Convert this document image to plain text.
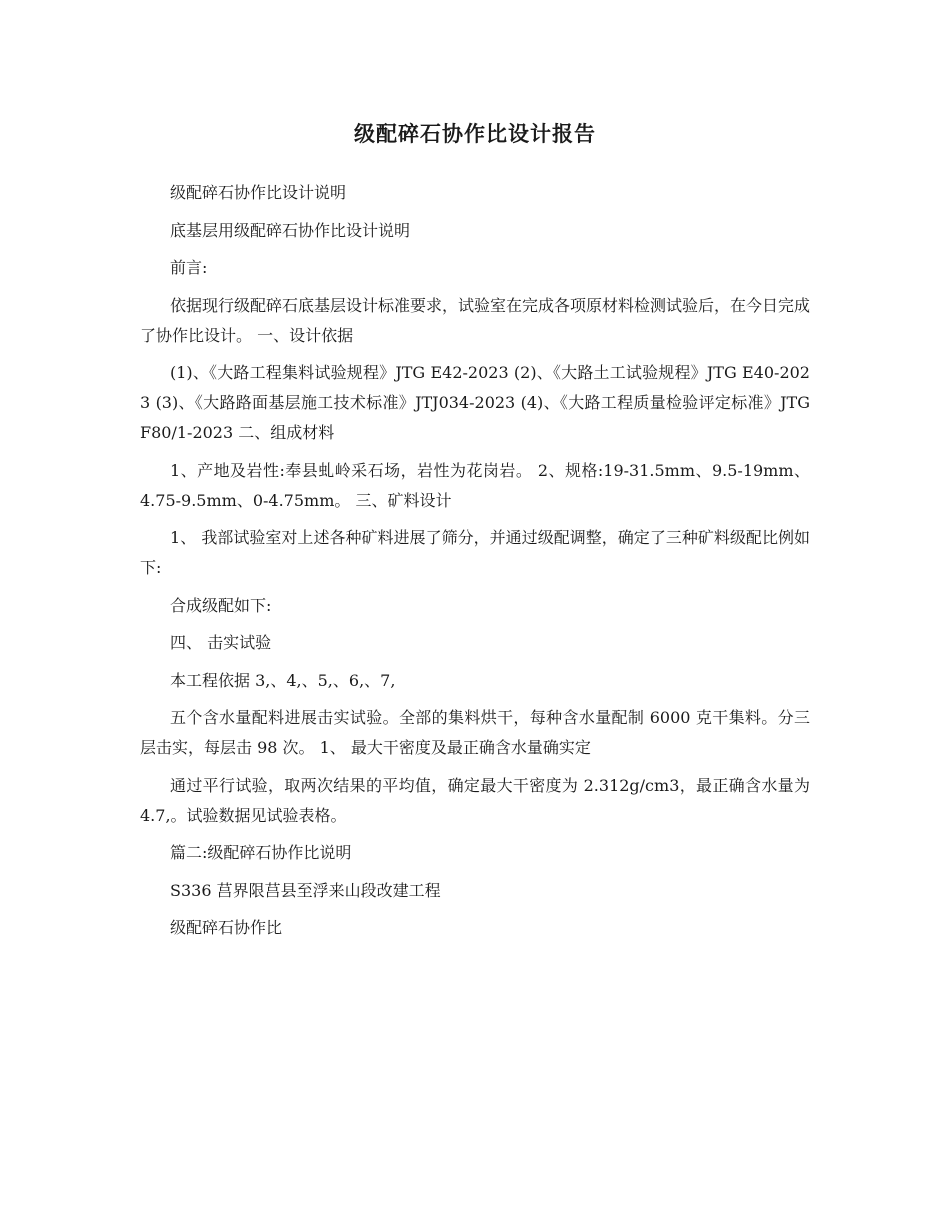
级配碎石协作比设计报告

级配碎石协作比设计说明

底基层用级配碎石协作比设计说明

前言:

依据现行级配碎石底基层设计标准要求，试验室在完成各项原材料检测试验后，在今日完成了协作比设计。 一、设计依据

(1)、《大路工程集料试验规程》JTG E42-2023 (2)、《大路土工试验规程》JTG E40-2023 (3)、《大路路面基层施工技术标准》JTJ034-2023 (4)、《大路工程质量检验评定标准》JTG F80/1-2023 二、组成材料

1、产地及岩性:奉县虬岭采石场，岩性为花岗岩。 2、规格:19-31.5mm、9.5-19mm、4.75-9.5mm、0-4.75mm。 三、矿料设计

1、 我部试验室对上述各种矿料进展了筛分，并通过级配调整，确定了三种矿料级配比例如下:

合成级配如下:

四、 击实试验

本工程依据 3,、4,、5,、6,、7,

五个含水量配料进展击实试验。全部的集料烘干，每种含水量配制 6000 克干集料。分三层击实，每层击 98 次。 1、 最大干密度及最正确含水量确实定

通过平行试验，取两次结果的平均值，确定最大干密度为 2.312g/cm3，最正确含水量为 4.7,。试验数据见试验表格。

篇二:级配碎石协作比说明

S336 莒界限莒县至浮来山段改建工程

级配碎石协作比
